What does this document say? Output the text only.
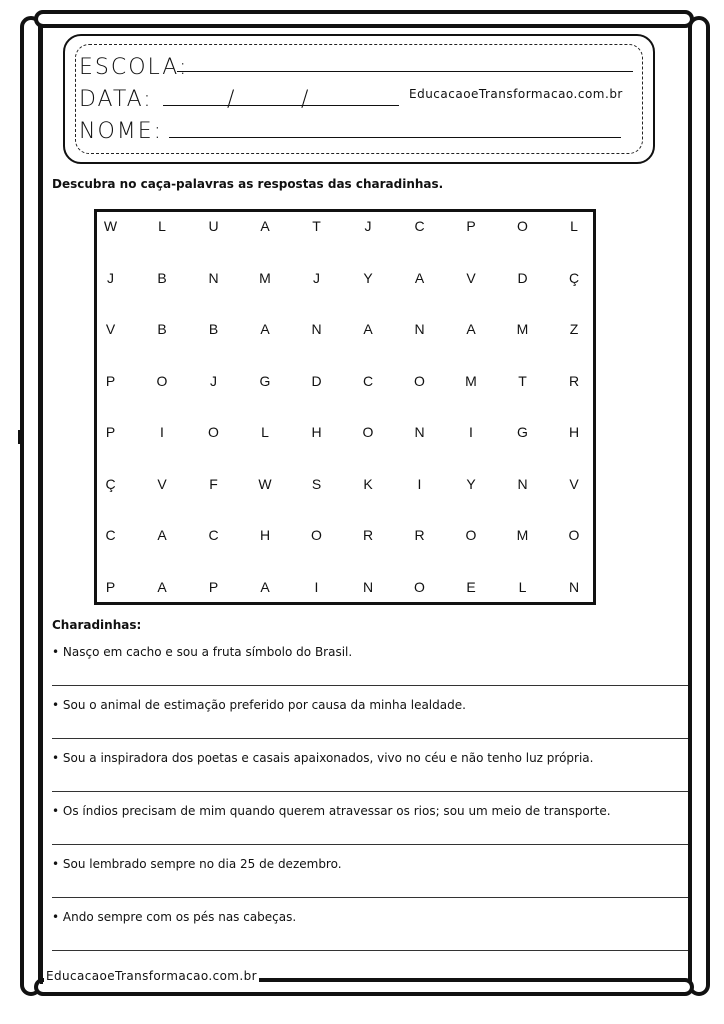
ESCOLA:
DATA:	/	/	EducacaoeTransformacao.com.br
NOME:
Descubra no caça-palavras as respostas das charadinhas.
W	L	U	A	T	J	C	P	O	L
J	B	N	M	J	Y	A	V	D	Ç
V	B	B	A	N	A	N	A	M	Z
P	O	J	G	D	C	O	M	T	R
P	I	O	L	H	O	N	I	G	H
Ç	V	F	W	S	K	I	Y	N	V
C	A	C	H	O	R	R	O	M	O
P	A	P	A	I	N	O	E	L	N
Charadinhas:
• Nasço em cacho e sou a fruta símbolo do Brasil.
• Sou o animal de estimação preferido por causa da minha lealdade.
• Sou a inspiradora dos poetas e casais apaixonados, vivo no céu e não tenho luz própria.
• Os índios precisam de mim quando querem atravessar os rios; sou um meio de transporte.
• Sou lembrado sempre no dia 25 de dezembro.
• Ando sempre com os pés nas cabeças.
EducacaoeTransformacao.com.br
